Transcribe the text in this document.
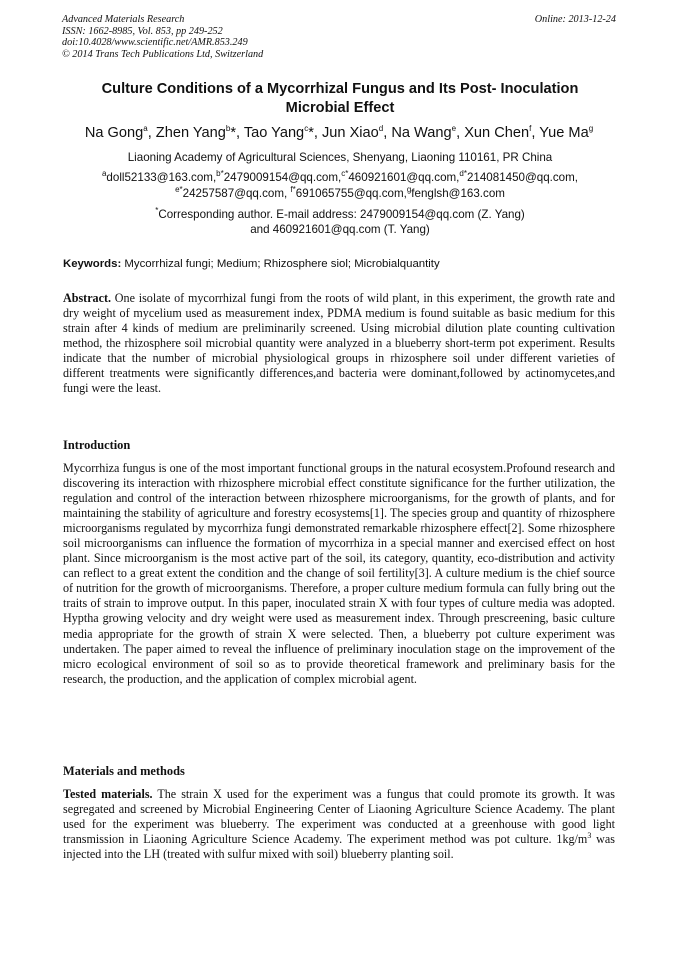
Advanced Materials Research
ISSN: 1662-8985, Vol. 853, pp 249-252
doi:10.4028/www.scientific.net/AMR.853.249
© 2014 Trans Tech Publications Ltd, Switzerland
Online: 2013-12-24
Culture Conditions of a Mycorrhizal Fungus and Its Post- Inoculation
Microbial Effect
Na Gong$^a$, Zhen Yang$^b$*, Tao Yang$^c$*, Jun Xiao$^d$, Na Wang$^e$, Xun Chen$^f$, Yue Ma$^g$
Liaoning Academy of Agricultural Sciences, Shenyang, Liaoning 110161, PR China
$^a$doll52133@163.com,$^{b*}$2479009154@qq.com,$^{c*}$460921601@qq.com,$^{d*}$214081450@qq.com,
$^{e*}$24257587@qq.com, $^{f*}$691065755@qq.com,$^g$fenglsh@163.com
*Corresponding author. E-mail address: 2479009154@qq.com (Z. Yang)
and 460921601@qq.com (T. Yang)
Keywords: Mycorrhizal fungi; Medium; Rhizosphere siol; Microbialquantity
Abstract. One isolate of mycorrhizal fungi from the roots of wild plant, in this experiment, the growth rate and dry weight of mycelium used as measurement index, PDMA medium is found suitable as basic medium for this strain after 4 kinds of medium are preliminarily screened. Using microbial dilution plate counting cultivation method, the rhizosphere soil microbial quantity were analyzed in a blueberry short-term pot experiment. Results indicate that the number of microbial physiological groups in rhizosphere soil under different varieties of different treatments were significantly differences,and bacteria were dominant,followed by actinomycetes,and fungi were the least.
Introduction
Mycorrhiza fungus is one of the most important functional groups in the natural ecosystem.Profound research and discovering its interaction with rhizosphere microbial effect constitute significance for the further utilization, the regulation and control of the interaction between rhizosphere microorganisms, for the growth of plants, and for maintaining the stability of agriculture and forestry ecosystems[1]. The species group and quantity of rhizosphere microorganisms regulated by mycorrhiza fungi demonstrated remarkable rhizosphere effect[2]. Some rhizosphere soil microorganisms can influence the formation of mycorrhiza in a special manner and exercised effect on host plant. Since microorganism is the most active part of the soil, its category, quantity, eco-distribution and activity can reflect to a great extent the condition and the change of soil fertility[3]. A culture medium is the chief source of nutrition for the growth of microorganisms. Therefore, a proper culture medium formula can fully bring out the traits of strain to improve output. In this paper, inoculated strain X with four types of culture media was adopted. Hyptha growing velocity and dry weight were used as measurement index. Through prescreening, basic culture media appropriate for the growth of strain X were selected. Then, a blueberry pot culture experiment was undertaken. The paper aimed to reveal the influence of preliminary inoculation stage on the improvement of the micro ecological environment of soil so as to provide theoretical framework and preliminary basis for the research, the production, and the application of complex microbial agent.
Materials and methods
Tested materials. The strain X used for the experiment was a fungus that could promote its growth. It was segregated and screened by Microbial Engineering Center of Liaoning Agriculture Science Academy. The plant used for the experiment was blueberry. The experiment was conducted at a greenhouse with good light transmission in Liaoning Agriculture Science Academy. The experiment method was pot culture. $1kg/m^3$ was injected into the LH (treated with sulfur mixed with soil) blueberry planting soil.
